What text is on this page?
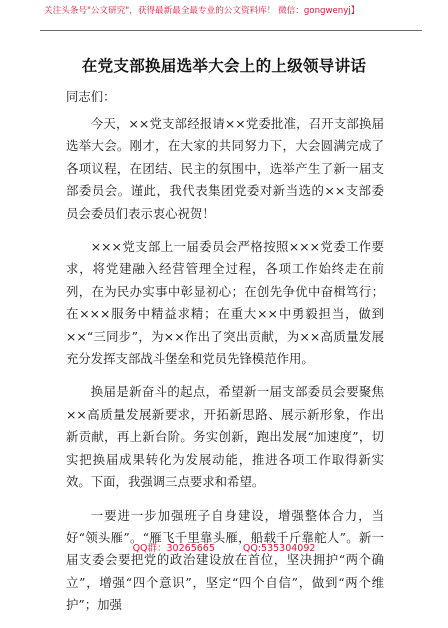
关注头条号"公文研究"，获得最新最全最专业的公文资料库！ 微信：gongwenyj】
在党支部换届选举大会上的上级领导讲话
同志们：

今天，××党支部经报请××党委批准，召开支部换届选举大会。刚才，在大家的共同努力下，大会圆满完成了各项议程，在团结、民主的氛围中，选举产生了新一届支部委员会。谨此，我代表集团党委对新当选的××支部委员会委员们表示衷心祝贺！

×××党支部上一届委员会严格按照×××党委工作要求，将党建融入经营管理全过程，各项工作始终走在前列，在为民办实事中彰显初心；在创先争优中奋楫笃行；在×××服务中精益求精；在重大××中勇毅担当，做到××“三同步”，为××作出了突出贡献，为××高质量发展充分发挥支部战斗堡垒和党员先锋模范作用。

换届是新奋斗的起点，希望新一届支部委员会要聚焦××高质量发展新要求，开拓新思路、展示新形象，作出新贡献，再上新台阶。务实创新，跑出发展“加速度”，切实把换届成果转化为发展动能，推进各项工作取得新实效。下面，我强调三点要求和希望。

一要进一步加强班子自身建设，增强整体合力，当好“领头雁”。“雁飞千里靠头雁，船载千斤靠舵人”。新一届支委会要把党的政治建设放在首位，坚决拥护“两个确立”，增强“四个意识”，坚定“四个自信”，做到“两个维护”；加强

QQ群：30265665	QQ:535304092
